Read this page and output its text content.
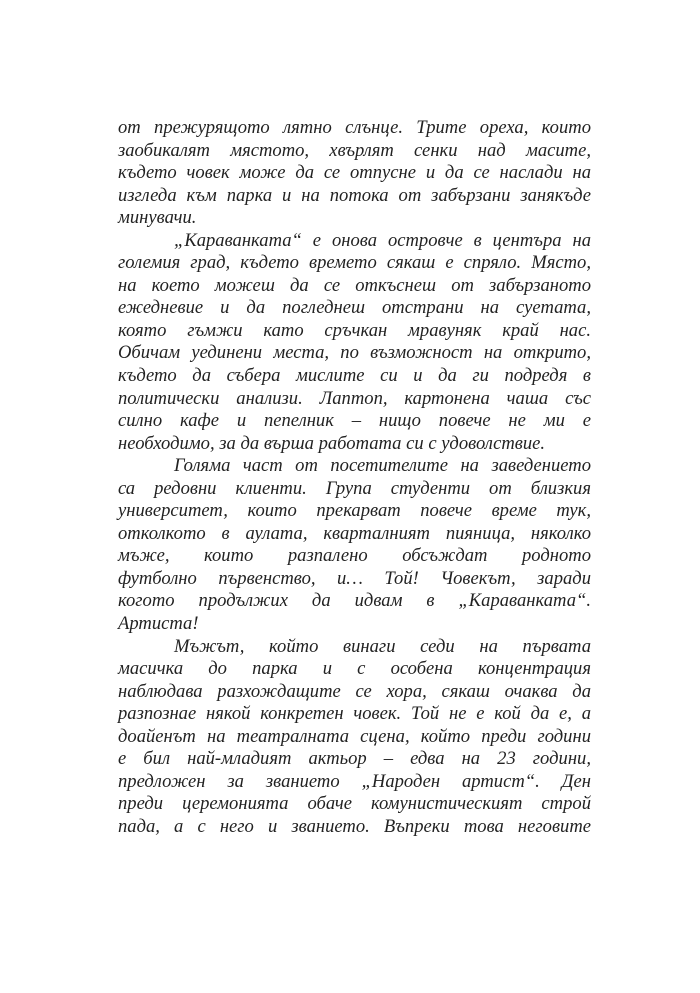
от прежурящото лятно слънце. Трите ореха, които
заобикалят мястото, хвърлят сенки над масите,
където човек може да се отпусне и да се наслади на
изгледа към парка и на потока от забързани занякъде
минувачи.
„Караванката“ е онова островче в центъра на
големия град, където времето сякаш е спряло. Място,
на което можеш да се откъснеш от забързаното
ежедневие и да погледнеш отстрани на суетата,
която гъмжи като сръчкан мравуняк край нас.
Обичам уединени места, по възможност на открито,
където да събера мислите си и да ги подредя в
политически анализи. Лаптоп, картонена чаша със
силно кафе и пепелник – нищо повече не ми е
необходимо, за да върша работата си с удоволствие.
Голяма част от посетителите на заведението
са редовни клиенти. Група студенти от близкия
университет, които прекарват повече време тук,
отколкото в аулата, кварталният пияница, няколко
мъже, които разпалено обсъждат родното
футболно първенство, и… Той! Човекът, заради
когото продължих да идвам в „Караванката“.
Артиста!
Мъжът, който винаги седи на първата
масичка до парка и с особена концентрация
наблюдава разхождащите се хора, сякаш очаква да
разпознае някой конкретен човек. Той не е кой да е, а
доайенът на театралната сцена, който преди години
е бил най-младият актьор – едва на 23 години,
предложен за званието „Народен артист“. Ден
преди церемонията обаче комунистическият строй
пада, а с него и званието. Въпреки това неговите
